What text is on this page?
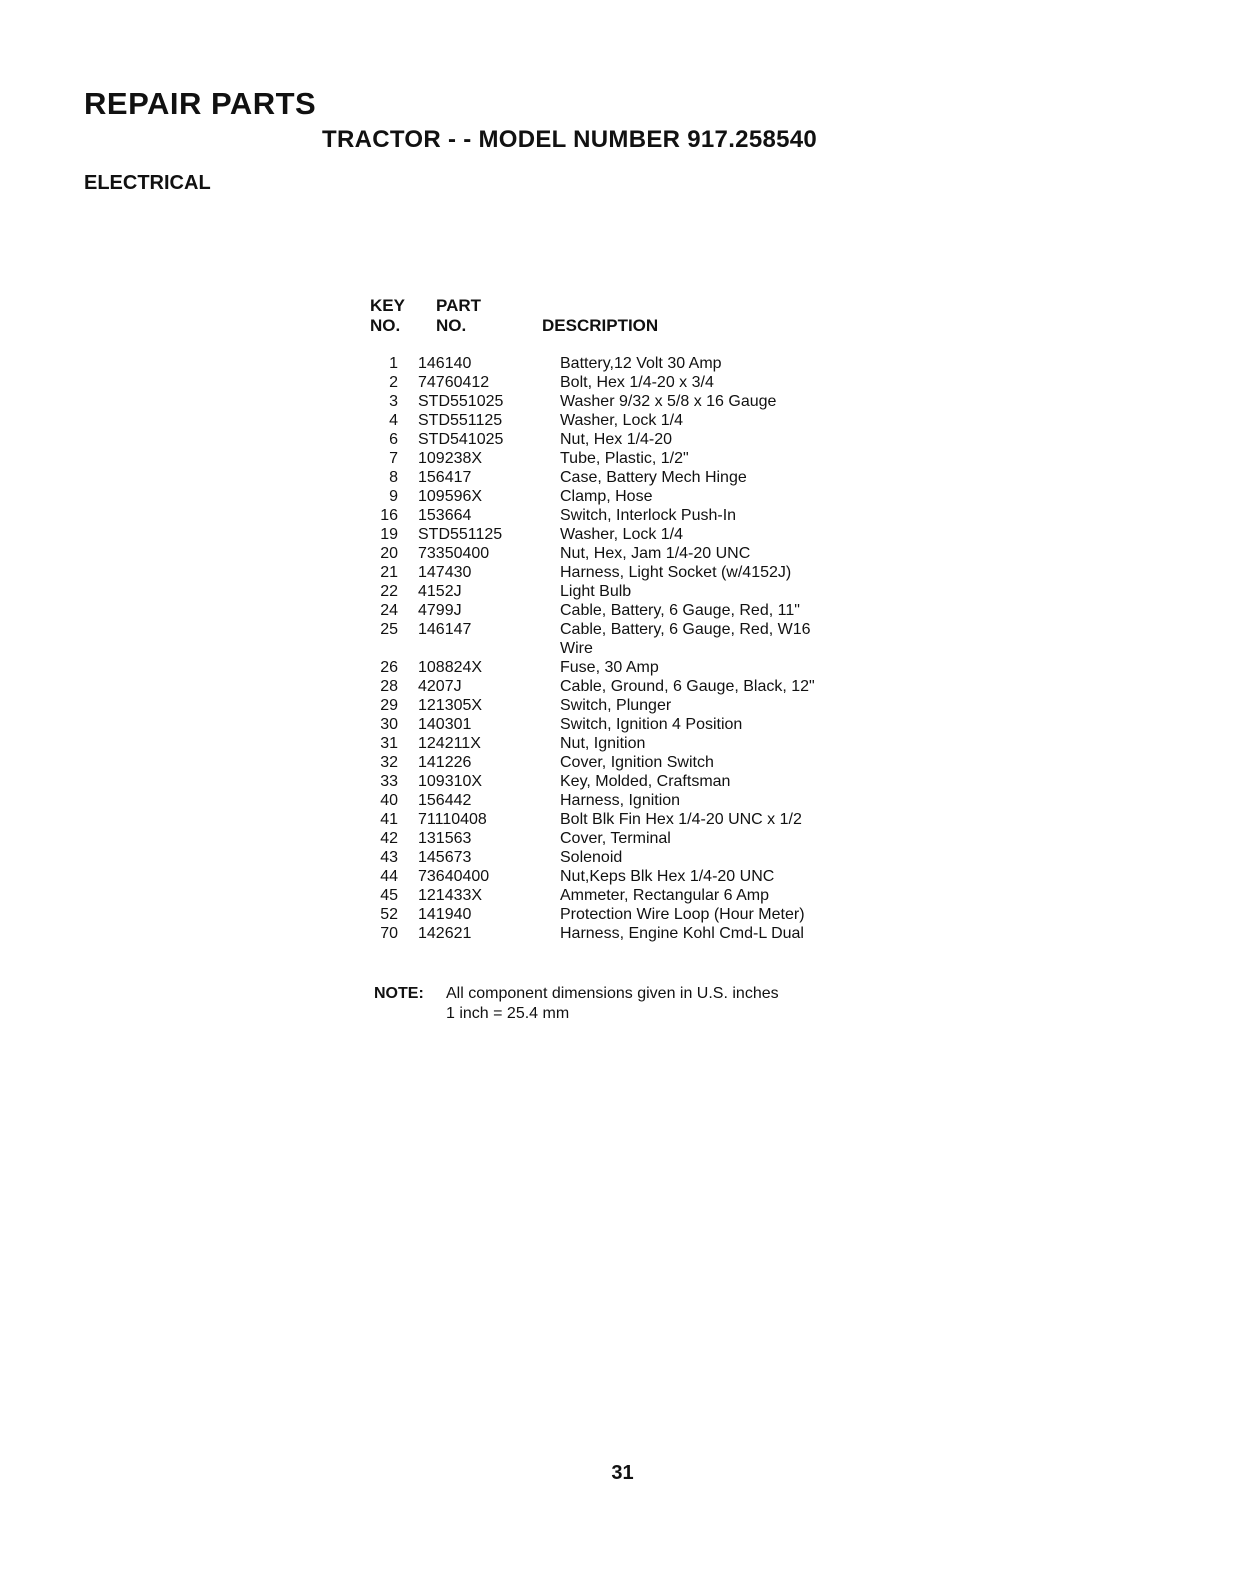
REPAIR PARTS
TRACTOR - - MODEL NUMBER 917.258540
ELECTRICAL
KEY
NO.
PART
NO.	DESCRIPTION
1	146140	Battery,12 Volt 30 Amp
2	74760412	Bolt, Hex 1/4-20 x 3/4
3	STD551025	Washer 9/32 x 5/8 x 16 Gauge
4	STD551125	Washer, Lock 1/4
6	STD541025	Nut, Hex 1/4-20
7	109238X	Tube, Plastic, 1/2"
8	156417	Case, Battery Mech Hinge
9	109596X	Clamp, Hose
16	153664	Switch, Interlock Push-In
19	STD551125	Washer, Lock 1/4
20	73350400	Nut, Hex, Jam 1/4-20 UNC
21	147430	Harness, Light Socket (w/4152J)
22	4152J	Light Bulb
24	4799J	Cable, Battery, 6 Gauge, Red, 11"
25	146147	Cable, Battery, 6 Gauge, Red, W16
Wire
26	108824X	Fuse, 30 Amp
28	4207J	Cable, Ground, 6 Gauge, Black, 12"
29	121305X	Switch, Plunger
30	140301	Switch, Ignition 4 Position
31	124211X	Nut, Ignition
32	141226	Cover, Ignition Switch
33	109310X	Key, Molded, Craftsman
40	156442	Harness, Ignition
41	71110408	Bolt Blk Fin Hex 1/4-20 UNC x 1/2
42	131563	Cover, Terminal
43	145673	Solenoid
44	73640400	Nut,Keps Blk Hex 1/4-20 UNC
45	121433X	Ammeter, Rectangular 6 Amp
52	141940	Protection Wire Loop (Hour Meter)
70	142621	Harness, Engine Kohl Cmd-L Dual
NOTE:	All component dimensions given in U.S. inches
1 inch = 25.4 mm
31
